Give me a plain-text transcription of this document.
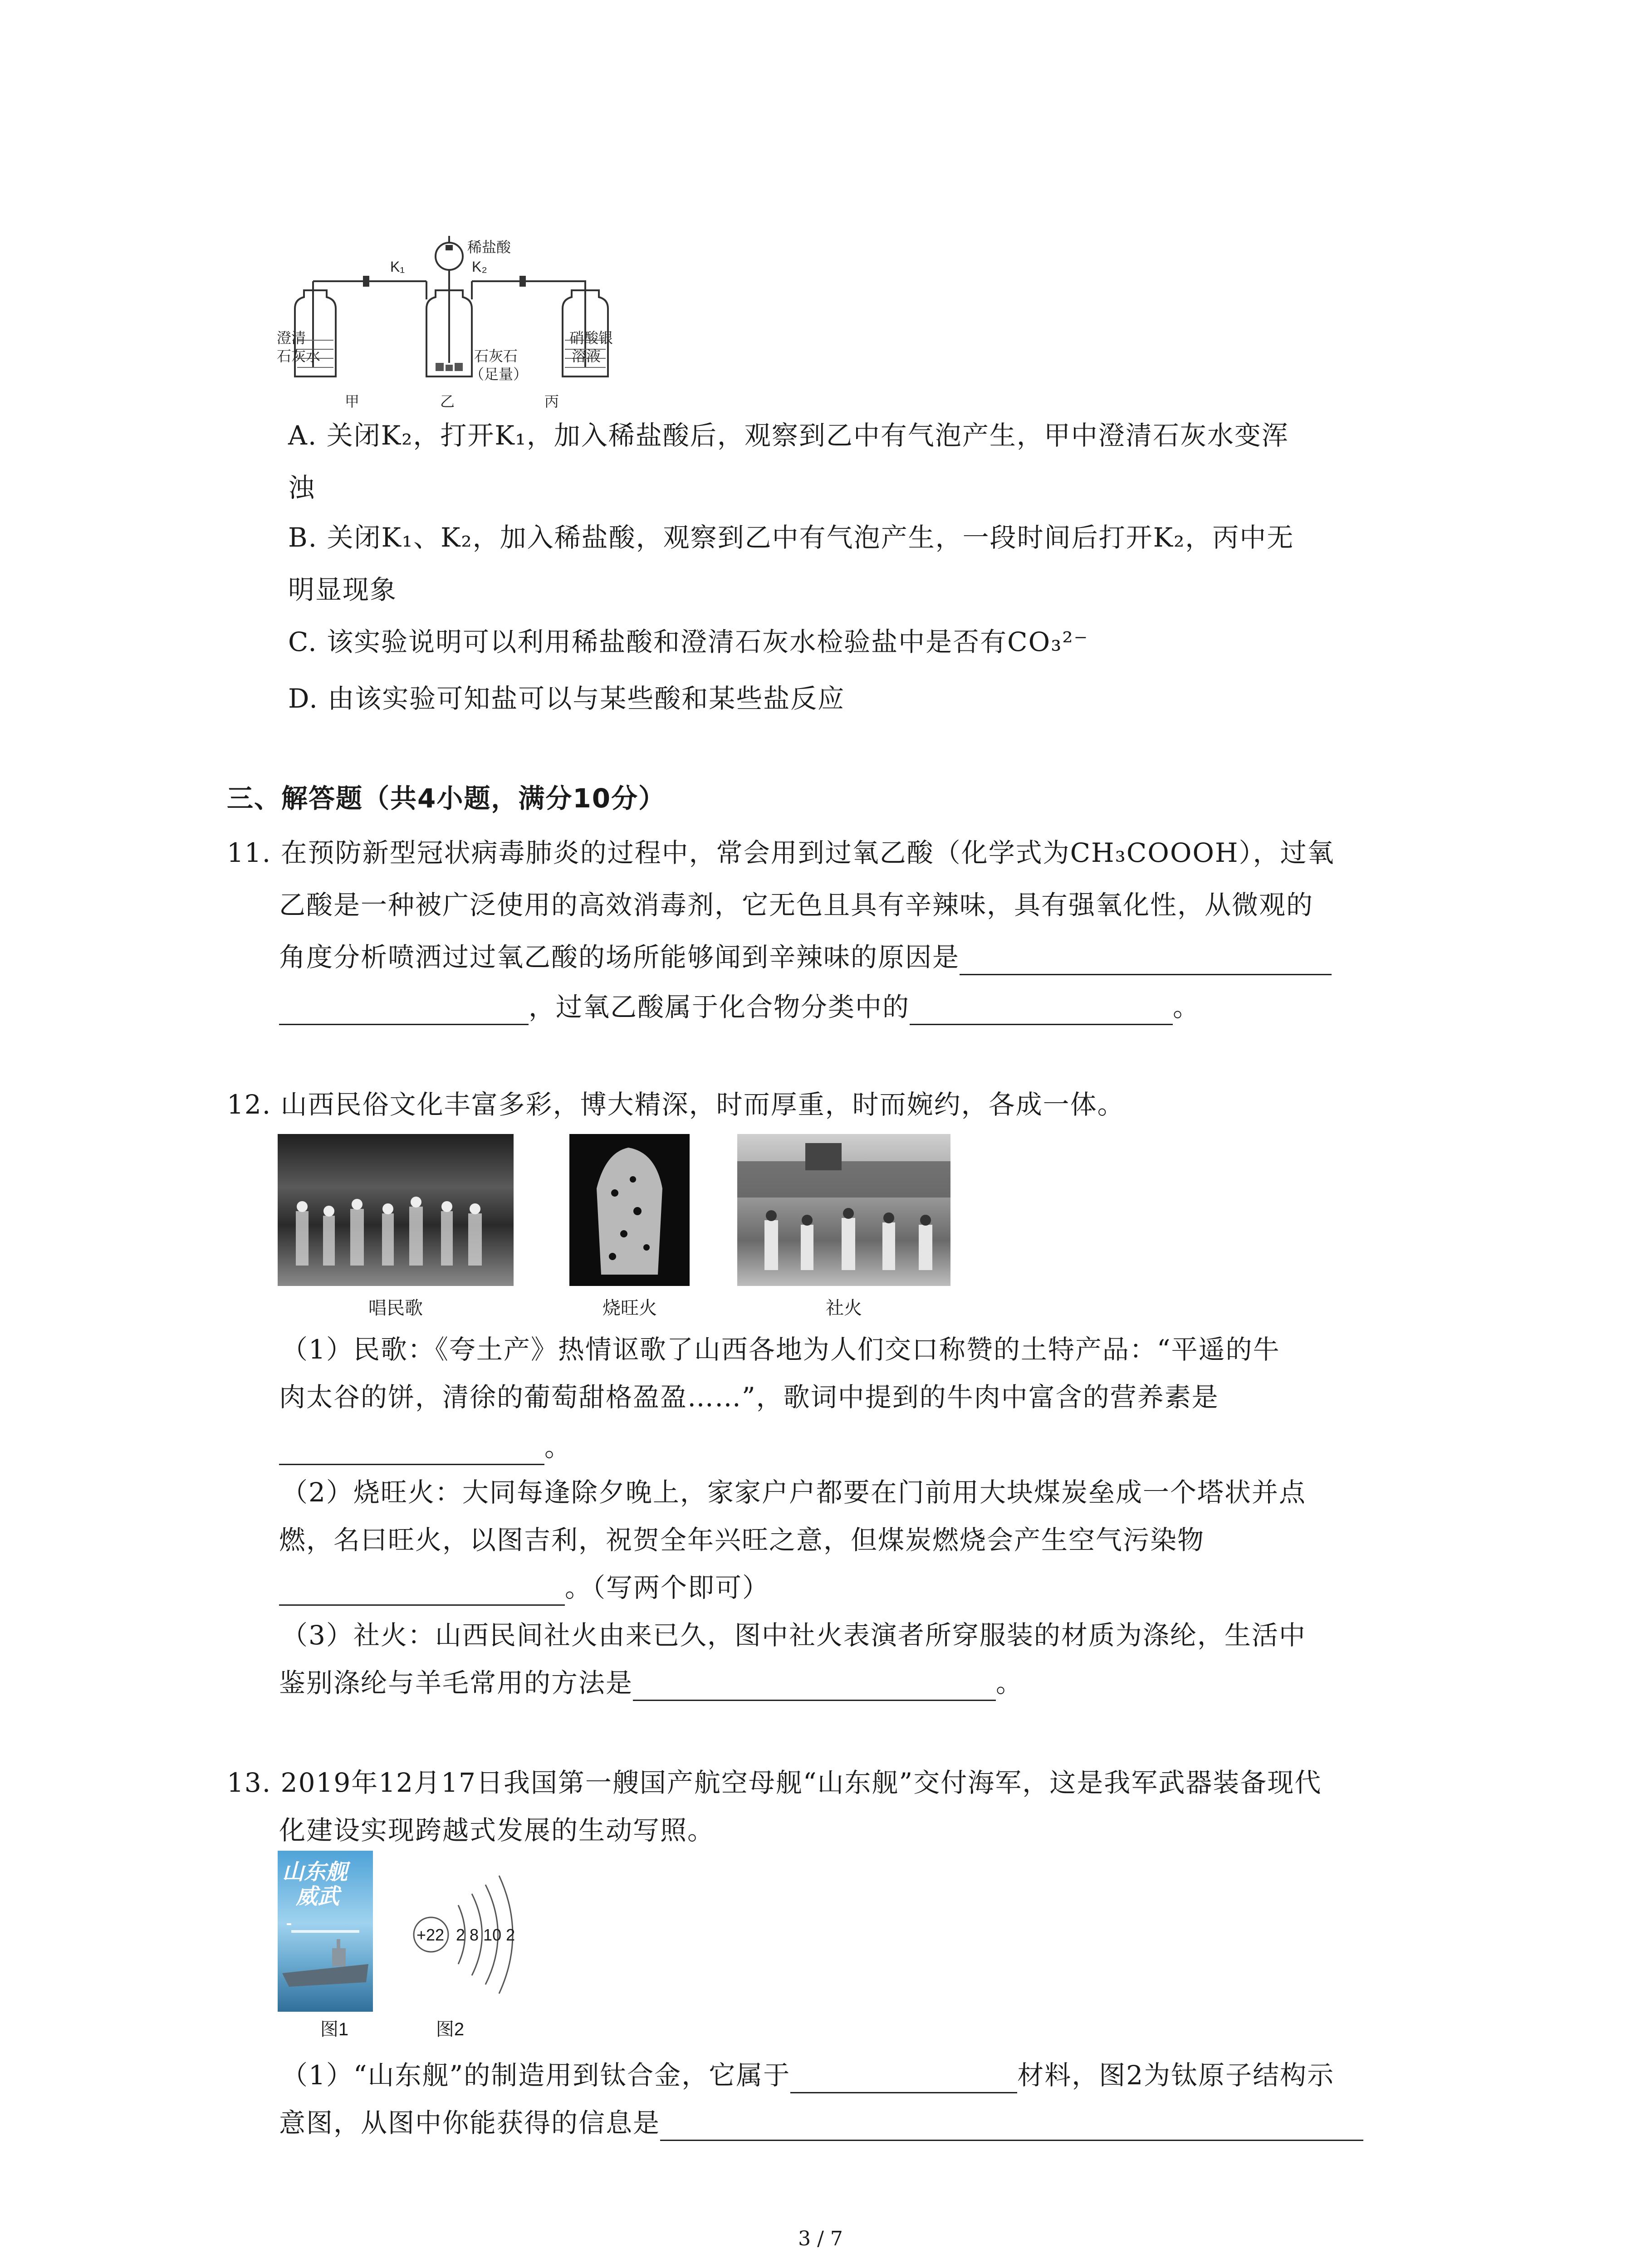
稀盐酸
K₁	K₂
澄清
石灰水	石灰石
（足量）
硝酸银
溶液
甲	乙	丙
A. 关闭K₂，打开K₁，加入稀盐酸后，观察到乙中有气泡产生，甲中澄清石灰水变浑
浊
B. 关闭K₁、K₂，加入稀盐酸，观察到乙中有气泡产生，一段时间后打开K₂，丙中无
明显现象
C. 该实验说明可以利用稀盐酸和澄清石灰水检验盐中是否有CO₃²⁻
D. 由该实验可知盐可以与某些酸和某些盐反应
三、解答题（共4小题，满分10分）
11. 在预防新型冠状病毒肺炎的过程中，常会用到过氧乙酸（化学式为CH₃COOOH），过氧
乙酸是一种被广泛使用的高效消毒剂，它无色且具有辛辣味，具有强氧化性，从微观的
角度分析喷洒过过氧乙酸的场所能够闻到辛辣味的原因是
，过氧乙酸属于化合物分类中的	。
12. 山西民俗文化丰富多彩，博大精深，时而厚重，时而婉约，各成一体。
唱民歌	烧旺火	社火
（1）民歌：《夸土产》热情讴歌了山西各地为人们交口称赞的土特产品：“平遥的牛
肉太谷的饼，清徐的葡萄甜格盈盈……”，歌词中提到的牛肉中富含的营养素是
。
（2）烧旺火：大同每逢除夕晚上，家家户户都要在门前用大块煤炭垒成一个塔状并点
燃，名曰旺火，以图吉利，祝贺全年兴旺之意，但煤炭燃烧会产生空气污染物
。（写两个即可）
（3）社火：山西民间社火由来已久，图中社火表演者所穿服装的材质为涤纶，生活中
鉴别涤纶与羊毛常用的方法是	。
13. 2019年12月17日我国第一艘国产航空母舰“山东舰”交付海军，这是我军武器装备现代
化建设实现跨越式发展的生动写照。
山东舰
威武
+22 2 8 10 2
图1	图2
（1）“山东舰”的制造用到钛合金，它属于	材料，图2为钛原子结构示
意图，从图中你能获得的信息是
3 / 7
